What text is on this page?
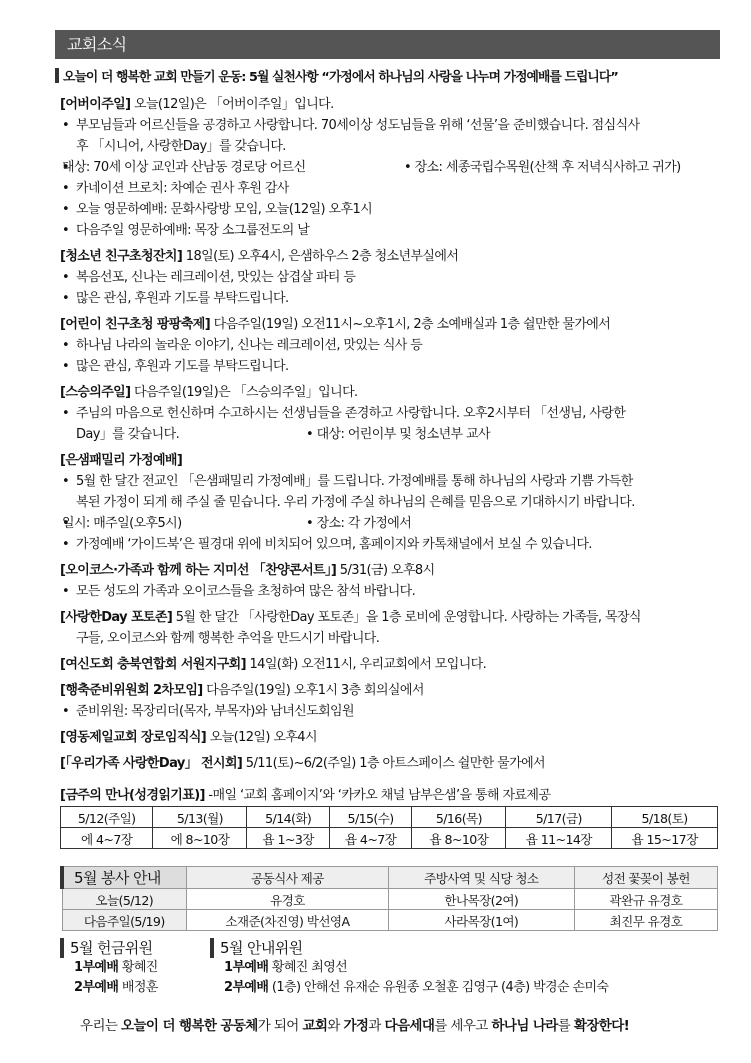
교회소식
오늘이 더 행복한 교회 만들기 운동: 5월 실천사항 “가정에서 하나님의 사랑을 나누며 가정예배를 드립니다”
[어버이주일] 오늘(12일)은 「어버이주일」입니다.
• 부모님들과 어르신들을 공경하고 사랑합니다. 70세이상 성도님들을 위해 ‘선물’을 준비했습니다. 점심식사
후 「시니어, 사랑한Day」를 갖습니다.
• 대상: 70세 이상 교인과 산남동 경로당 어르신	• 장소: 세종국립수목원(산책 후 저녁식사하고 귀가)
• 카네이션 브로치: 차예순 권사 후원 감사
• 오늘 영문하예배: 문화사랑방 모임, 오늘(12일) 오후1시
• 다음주일 영문하예배: 목장 소그룹전도의 날
[청소년 친구초청잔치] 18일(토) 오후4시, 은샘하우스 2층 청소년부실에서
• 복음선포, 신나는 레크레이션, 맛있는 삼겹살 파티 등
• 많은 관심, 후원과 기도를 부탁드립니다.
[어린이 친구초청 팡팡축제] 다음주일(19일) 오전11시~오후1시, 2층 소예배실과 1층 쉴만한 물가에서
• 하나님 나라의 놀라운 이야기, 신나는 레크레이션, 맛있는 식사 등
• 많은 관심, 후원과 기도를 부탁드립니다.
[스승의주일] 다음주일(19일)은 「스승의주일」입니다.
• 주님의 마음으로 헌신하며 수고하시는 선생님들을 존경하고 사랑합니다. 오후2시부터 「선생님, 사랑한
Day」를 갖습니다.	• 대상: 어린이부 및 청소년부 교사
[은샘패밀리 가정예배]
• 5월 한 달간 전교인 「은샘패밀리 가정예배」를 드립니다. 가정예배를 통해 하나님의 사랑과 기쁨 가득한
복된 가정이 되게 해 주실 줄 믿습니다. 우리 가정에 주실 하나님의 은혜를 믿음으로 기대하시기 바랍니다.
• 일시: 매주일(오후5시)	• 장소: 각 가정에서
• 가정예배 ‘가이드북’은 필경대 위에 비치되어 있으며, 홈페이지와 카톡채널에서 보실 수 있습니다.
[오이코스·가족과 함께 하는 지미선 「찬양콘서트」] 5/31(금) 오후8시
• 모든 성도의 가족과 오이코스들을 초청하여 많은 참석 바랍니다.
[사랑한Day 포토존] 5월 한 달간 「사랑한Day 포토존」을 1층 로비에 운영합니다. 사랑하는 가족들, 목장식
구들, 오이코스와 함께 행복한 추억을 만드시기 바랍니다.
[여신도회 충북연합회 서원지구회] 14일(화) 오전11시, 우리교회에서 모입니다.
[행축준비위원회 2차모임] 다음주일(19일) 오후1시 3층 회의실에서
• 준비위원: 목장리더(목자, 부목자)와 남녀신도회임원
[영동제일교회 장로임직식] 오늘(12일) 오후4시
[「우리가족 사랑한Day」 전시회] 5/11(토)~6/2(주일) 1층 아트스페이스 쉴만한 물가에서
[금주의 만나(성경읽기표)] -매일 ‘교회 홈페이지’와 ‘카카오 채널 남부은샘’을 통해 자료제공
5/12(주일)	5/13(월)	5/14(화)	5/15(수)	5/16(목)	5/17(금)	5/18(토)
에 4~7장	에 8~10장	욥 1~3장	욥 4~7장	욥 8~10장	욥 11~14장	욥 15~17장
5월 봉사 안내	공동식사 제공	주방사역 및 식당 청소	성전 꽃꽂이 봉헌
오늘(5/12)	유경호	한나목장(2여)	곽완규 유경호
다음주일(5/19)	소재준(차진영) 박선영A	사라목장(1여)	최진무 유경호
5월 헌금위원
1부예배 황혜진
2부예배 배정훈
5월 안내위원
1부예배 황혜진 최영선
2부예배 (1층) 안해선 유재순 유원종 오철훈 김영구 (4층) 박경순 손미숙
우리는 오늘이 더 행복한 공동체가 되어 교회와 가정과 다음세대를 세우고 하나님 나라를 확장한다!
